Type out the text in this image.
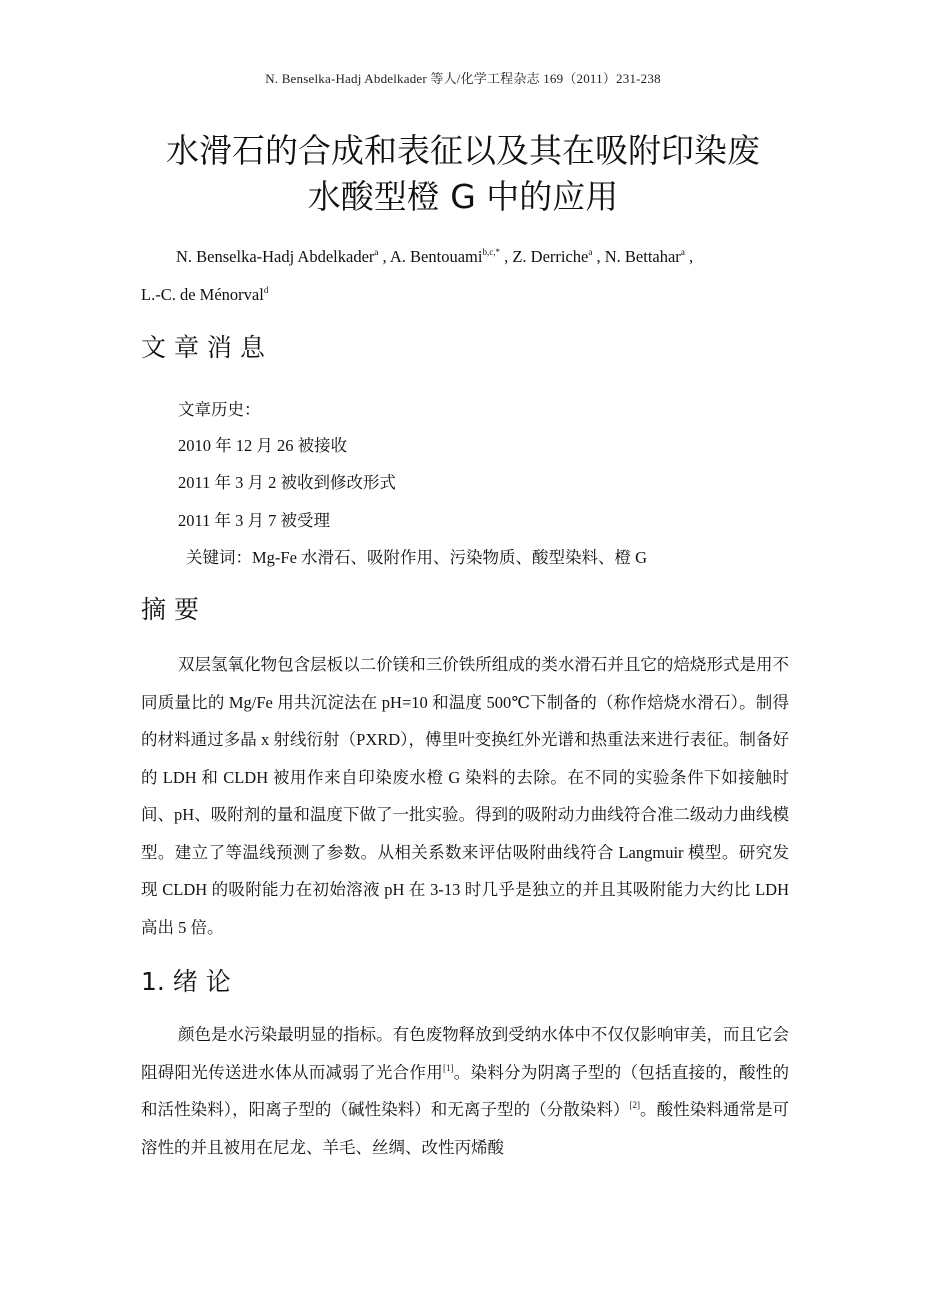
N. Benselka-Hadj Abdelkader 等人/化学工程杂志 169（2011）231-238
水滑石的合成和表征以及其在吸附印染废
水酸型橙 G 中的应用
N. Benselka-Hadj Abdelkader$^a$ , A. Bentouami$^{b,c,*}$ , Z. Derriche$^a$ , N. Bettahar$^a$ ,
L.-C. de Ménorval$^d$
文 章 消 息
文章历史：
2010 年 12 月 26 被接收
2011 年 3 月 2 被收到修改形式
2011 年 3 月 7 被受理
关键词：Mg-Fe 水滑石、吸附作用、污染物质、酸型染料、橙 G
摘 要
双层氢氧化物包含层板以二价镁和三价铁所组成的类水滑石并且它的焙烧形式是用不同质量比的 Mg/Fe 用共沉淀法在 pH=10 和温度 500℃下制备的（称作焙烧水滑石）。制得的材料通过多晶 x 射线衍射（PXRD），傅里叶变换红外光谱和热重法来进行表征。制备好的 LDH 和 CLDH 被用作来自印染废水橙 G 染料的去除。在不同的实验条件下如接触时间、pH、吸附剂的量和温度下做了一批实验。得到的吸附动力曲线符合准二级动力曲线模型。建立了等温线预测了参数。从相关系数来评估吸附曲线符合 Langmuir 模型。研究发现 CLDH 的吸附能力在初始溶液 pH 在 3-13 时几乎是独立的并且其吸附能力大约比 LDH 高出 5 倍。
1. 绪 论
颜色是水污染最明显的指标。有色废物释放到受纳水体中不仅仅影响审美，而且它会阻碍阳光传送进水体从而减弱了光合作用[1]。染料分为阴离子型的（包括直接的，酸性的和活性染料），阳离子型的（碱性染料）和无离子型的（分散染料）[2]。酸性染料通常是可溶性的并且被用在尼龙、羊毛、丝绸、改性丙烯酸
